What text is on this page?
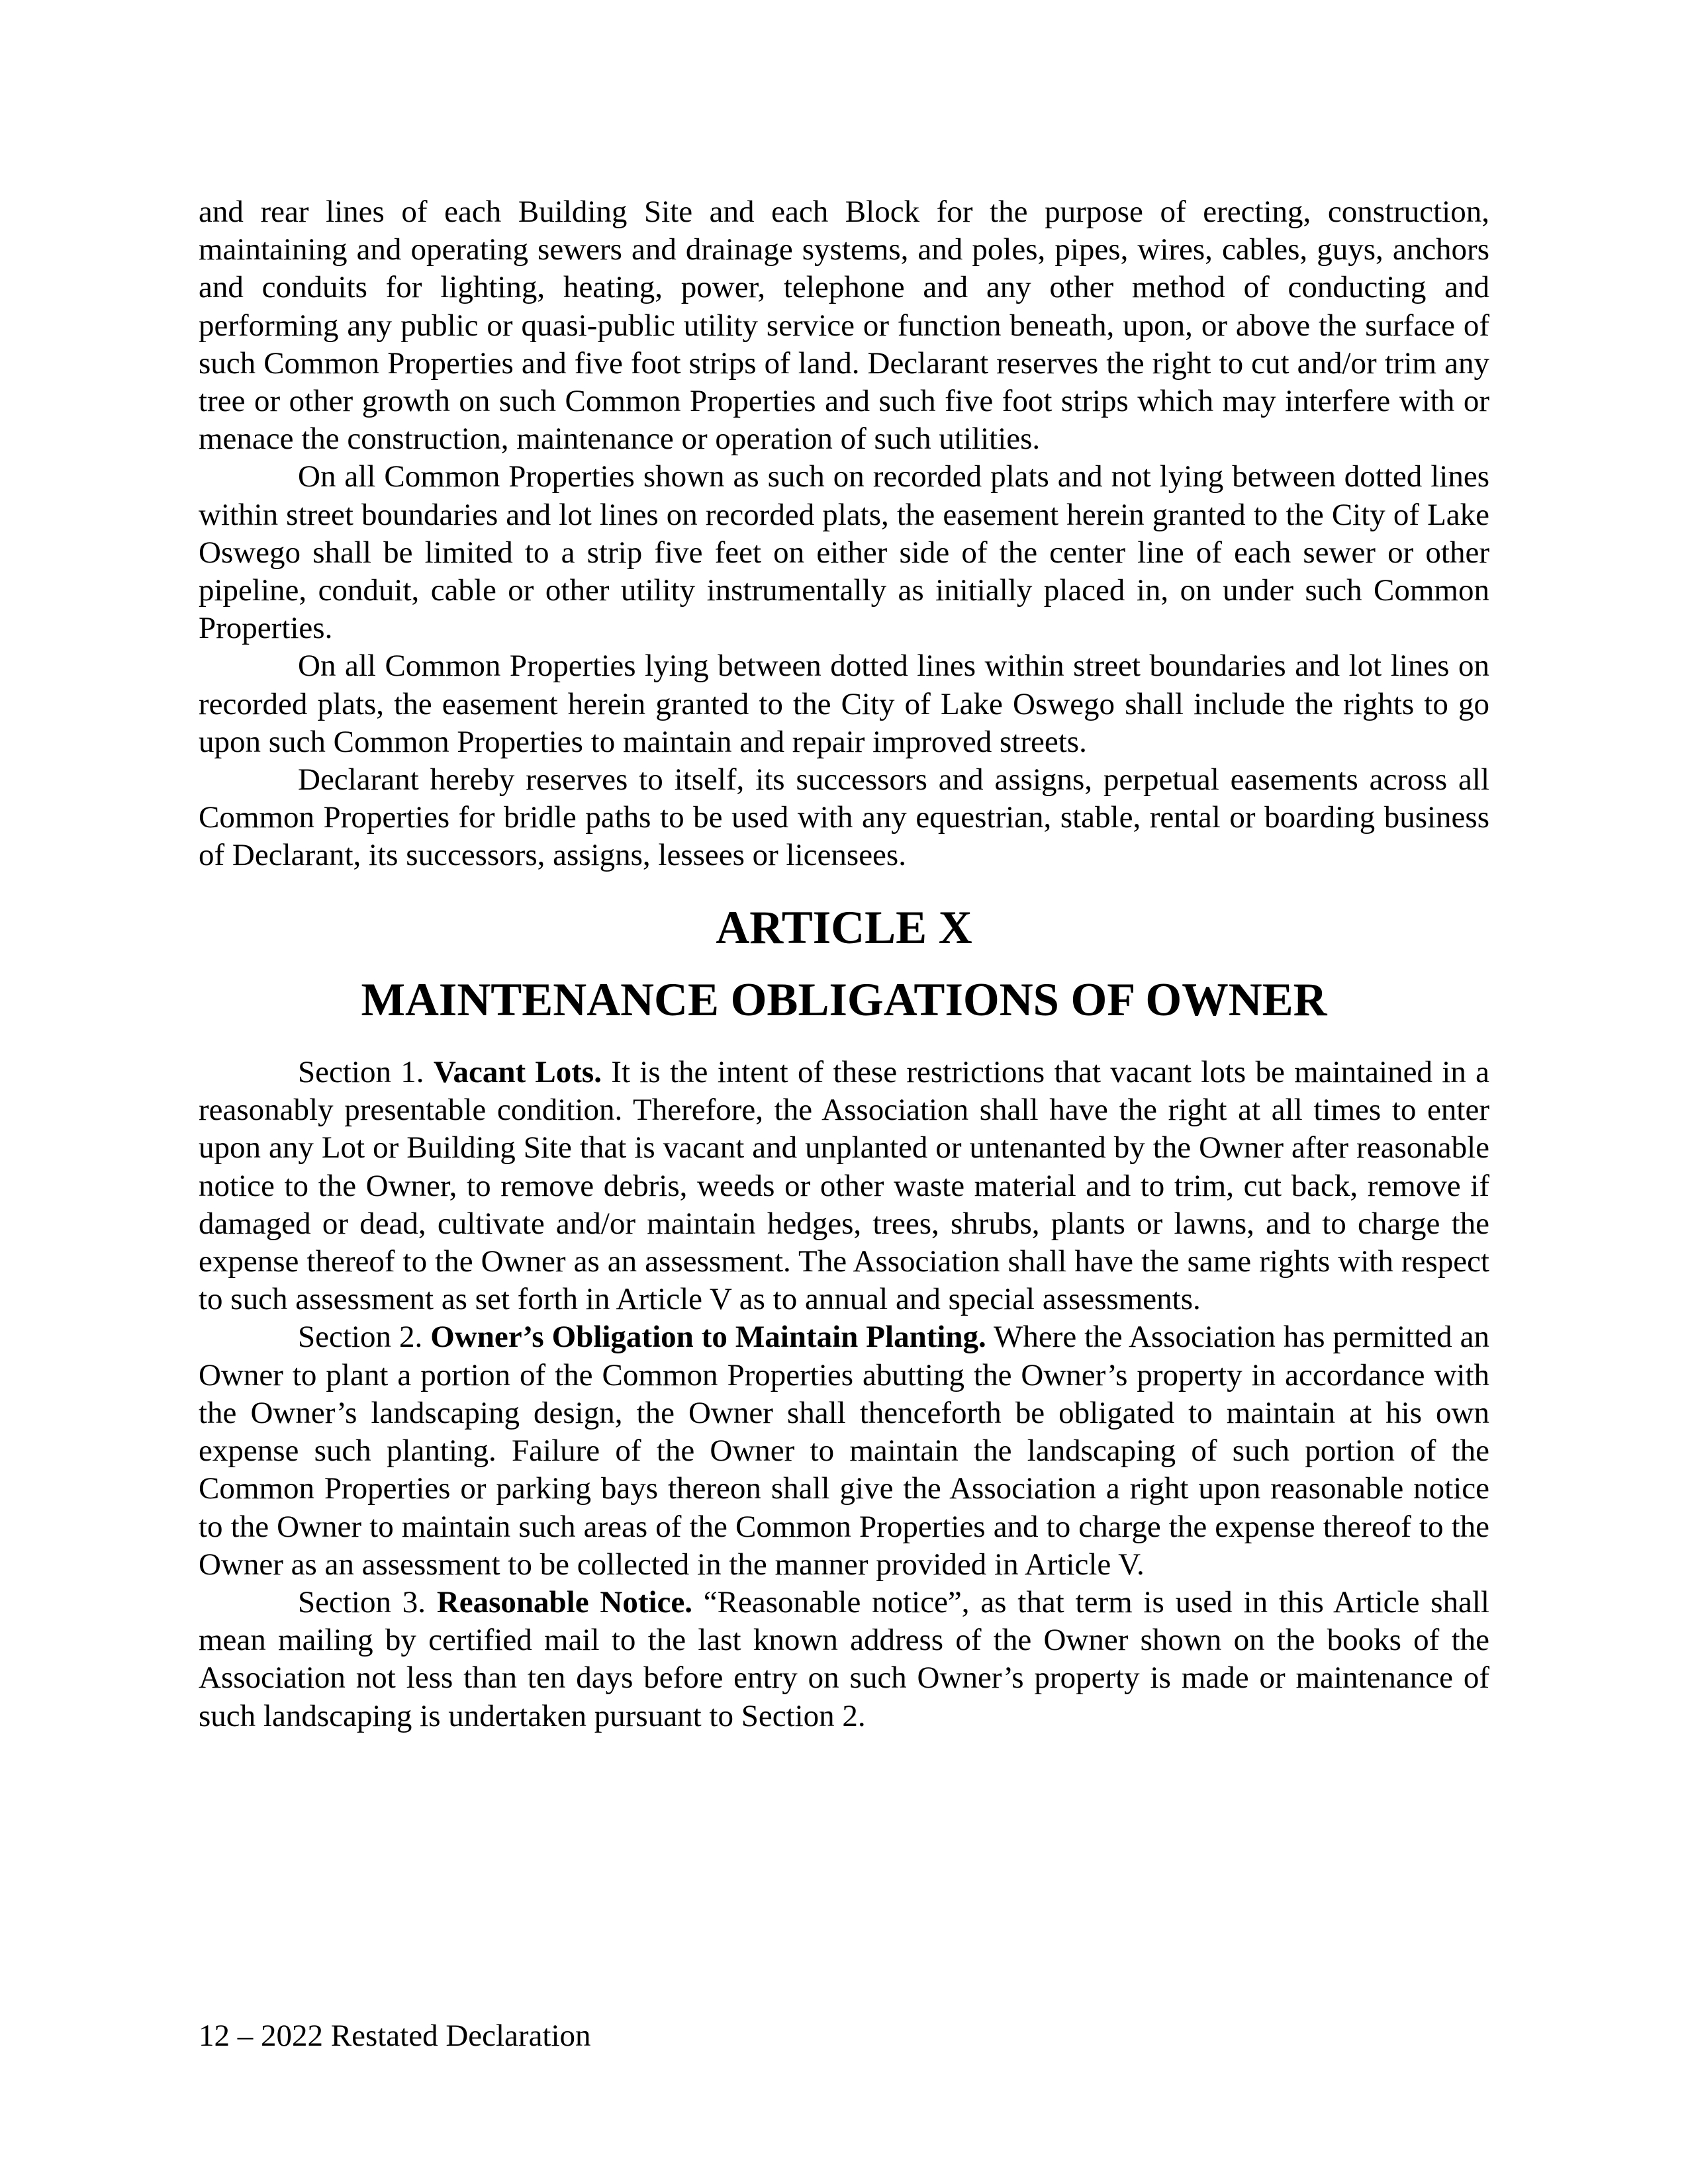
and rear lines of each Building Site and each Block for the purpose of erecting, construction, maintaining and operating sewers and drainage systems, and poles, pipes, wires, cables, guys, anchors and conduits for lighting, heating, power, telephone and any other method of conducting and performing any public or quasi-public utility service or function beneath, upon, or above the surface of such Common Properties and five foot strips of land. Declarant reserves the right to cut and/or trim any tree or other growth on such Common Properties and such five foot strips which may interfere with or menace the construction, maintenance or operation of such utilities.

On all Common Properties shown as such on recorded plats and not lying between dotted lines within street boundaries and lot lines on recorded plats, the easement herein granted to the City of Lake Oswego shall be limited to a strip five feet on either side of the center line of each sewer or other pipeline, conduit, cable or other utility instrumentally as initially placed in, on under such Common Properties.

On all Common Properties lying between dotted lines within street boundaries and lot lines on recorded plats, the easement herein granted to the City of Lake Oswego shall include the rights to go upon such Common Properties to maintain and repair improved streets.

Declarant hereby reserves to itself, its successors and assigns, perpetual easements across all Common Properties for bridle paths to be used with any equestrian, stable, rental or boarding business of Declarant, its successors, assigns, lessees or licensees.

ARTICLE X
MAINTENANCE OBLIGATIONS OF OWNER

Section 1. Vacant Lots. It is the intent of these restrictions that vacant lots be maintained in a reasonably presentable condition. Therefore, the Association shall have the right at all times to enter upon any Lot or Building Site that is vacant and unplanted or untenanted by the Owner after reasonable notice to the Owner, to remove debris, weeds or other waste material and to trim, cut back, remove if damaged or dead, cultivate and/or maintain hedges, trees, shrubs, plants or lawns, and to charge the expense thereof to the Owner as an assessment. The Association shall have the same rights with respect to such assessment as set forth in Article V as to annual and special assessments.

Section 2. Owner’s Obligation to Maintain Planting. Where the Association has permitted an Owner to plant a portion of the Common Properties abutting the Owner’s property in accordance with the Owner’s landscaping design, the Owner shall thenceforth be obligated to maintain at his own expense such planting. Failure of the Owner to maintain the landscaping of such portion of the Common Properties or parking bays thereon shall give the Association a right upon reasonable notice to the Owner to maintain such areas of the Common Properties and to charge the expense thereof to the Owner as an assessment to be collected in the manner provided in Article V.

Section 3. Reasonable Notice. “Reasonable notice”, as that term is used in this Article shall mean mailing by certified mail to the last known address of the Owner shown on the books of the Association not less than ten days before entry on such Owner’s property is made or maintenance of such landscaping is undertaken pursuant to Section 2.

12 – 2022 Restated Declaration
